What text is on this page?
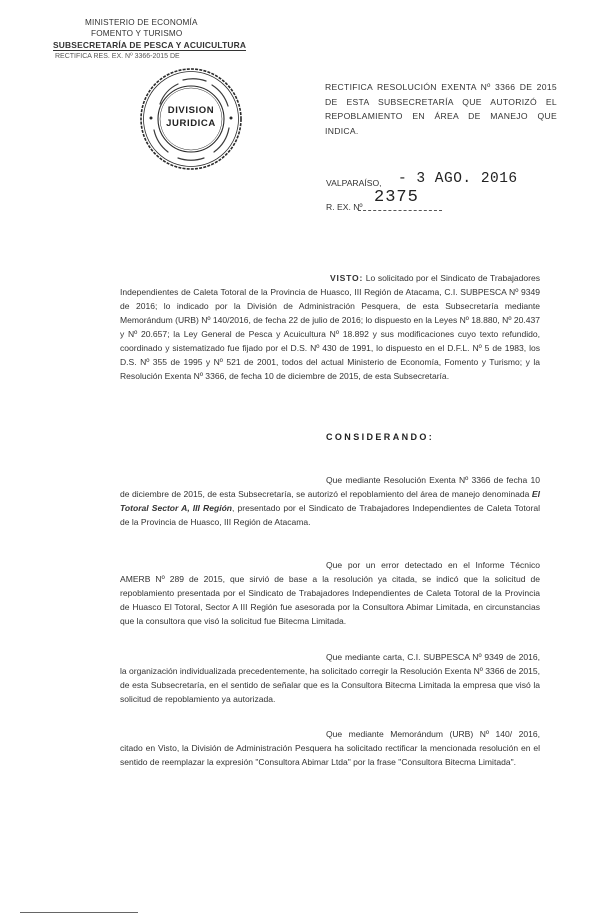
MINISTERIO DE ECONOMÍA
FOMENTO Y TURISMO
SUBSECRETARÍA DE PESCA Y ACUICULTURA
RECTIFICA RES. EX. Nº 3366-2015 DE
DIVISION
JURIDICA
RECTIFICA RESOLUCIÓN EXENTA Nº 3366 DE 2015 DE ESTA SUBSECRETARÍA QUE AUTORIZÓ EL REPOBLAMIENTO EN ÁREA DE MANEJO QUE INDICA.
VALPARAÍSO, - 3 AGO. 2016
R. EX. Nº 2375
VISTO: Lo solicitado por el Sindicato de Trabajadores Independientes de Caleta Totoral de la Provincia de Huasco, III Región de Atacama, C.I. SUBPESCA Nº 9349 de 2016; lo indicado por la División de Administración Pesquera, de esta Subsecretaría mediante Memorándum (URB) Nº 140/2016, de fecha 22 de julio de 2016; lo dispuesto en la Leyes Nº 18.880, Nº 20.437 y Nº 20.657; la Ley General de Pesca y Acuicultura Nº 18.892 y sus modificaciones cuyo texto refundido, coordinado y sistematizado fue fijado por el D.S. Nº 430 de 1991, lo dispuesto en el D.F.L. Nº 5 de 1983, los D.S. Nº 355 de 1995 y Nº 521 de 2001, todos del actual Ministerio de Economía, Fomento y Turismo; y la Resolución Exenta Nº 3366, de fecha 10 de diciembre de 2015, de esta Subsecretaría.
CONSIDERANDO:
Que mediante Resolución Exenta Nº 3366 de fecha 10 de diciembre de 2015, de esta Subsecretaría, se autorizó el repoblamiento del área de manejo denominada El Totoral Sector A, III Región, presentado por el Sindicato de Trabajadores Independientes de Caleta Totoral de la Provincia de Huasco, III Región de Atacama.
Que por un error detectado en el Informe Técnico AMERB Nº 289 de 2015, que sirvió de base a la resolución ya citada, se indicó que la solicitud de repoblamiento presentada por el Sindicato de Trabajadores Independientes de Caleta Totoral de la Provincia de Huasco El Totoral, Sector A III Región fue asesorada por la Consultora Abimar Limitada, en circunstancias que la consultora que visó la solicitud fue Bitecma Limitada.
Que mediante carta, C.I. SUBPESCA Nº 9349 de 2016, la organización individualizada precedentemente, ha solicitado corregir la Resolución Exenta Nº 3366 de 2015, de esta Subsecretaría, en el sentido de señalar que es la Consultora Bitecma Limitada la empresa que visó la solicitud de repoblamiento ya autorizada.
Que mediante Memorándum (URB) Nº 140/ 2016, citado en Visto, la División de Administración Pesquera ha solicitado rectificar la mencionada resolución en el sentido de reemplazar la expresión "Consultora Abimar Ltda" por la frase "Consultora Bitecma Limitada".
